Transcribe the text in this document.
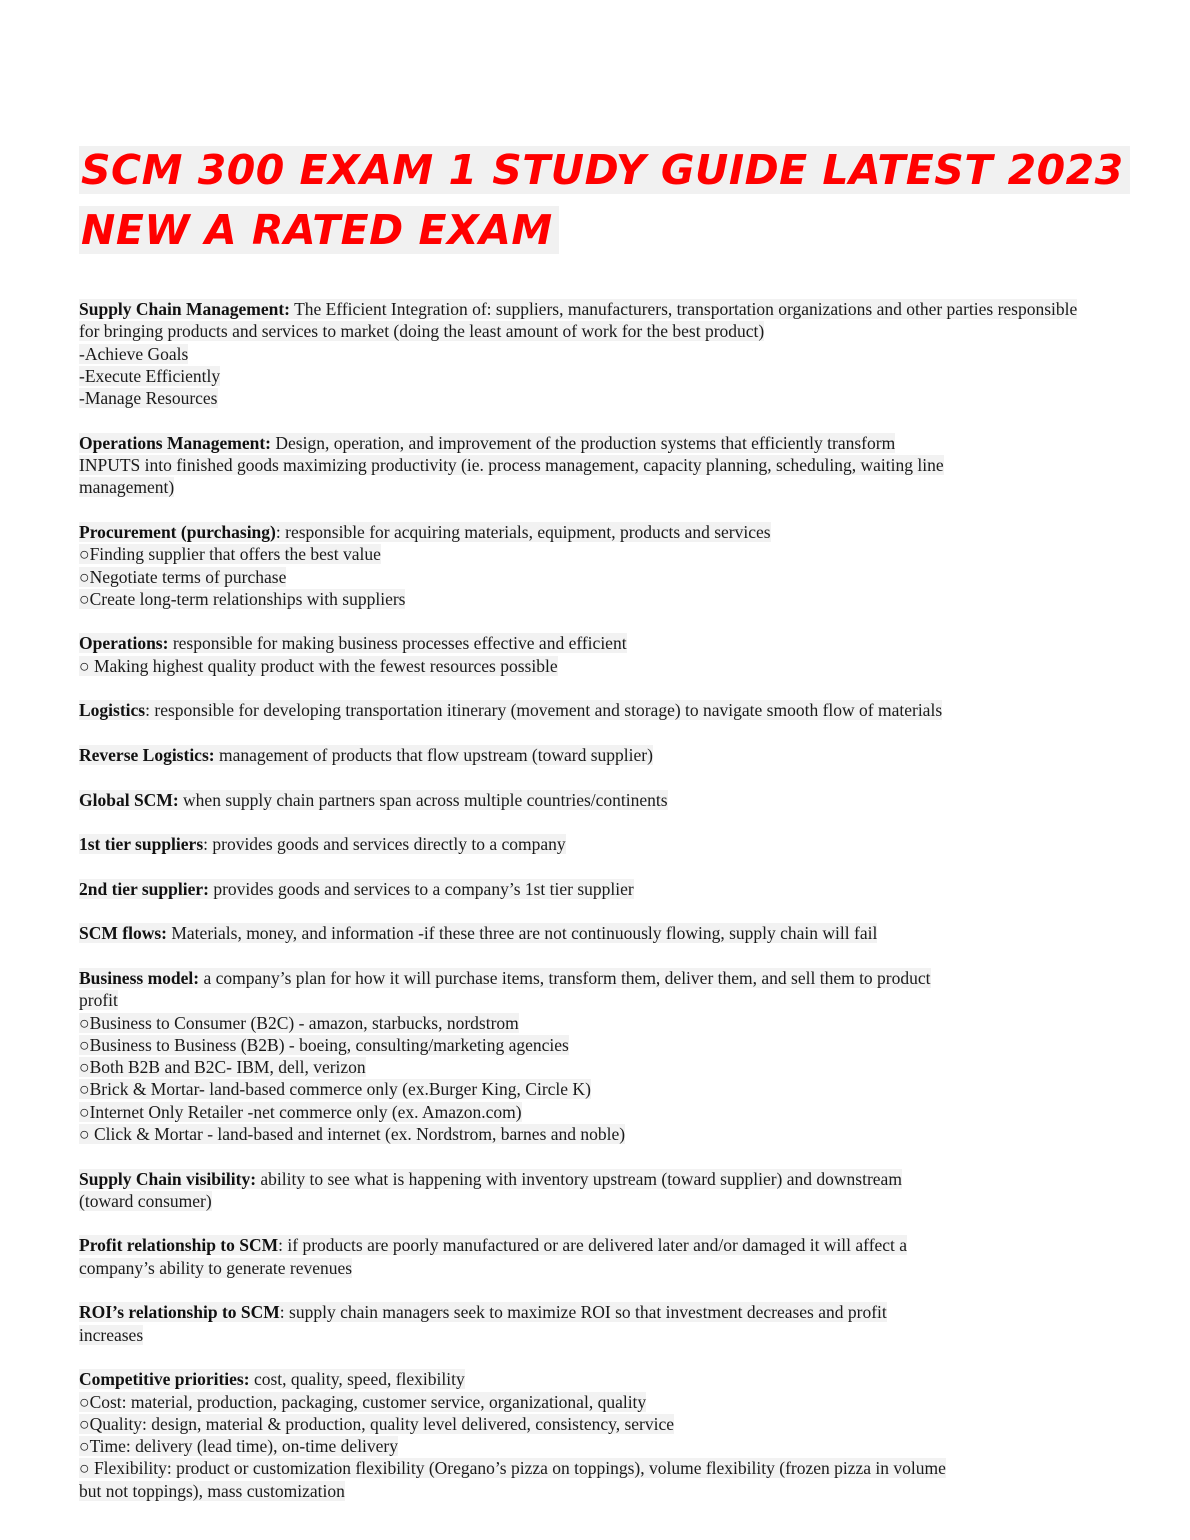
SCM 300 EXAM 1 STUDY GUIDE LATEST 2023
NEW A RATED EXAM
Supply Chain Management: The Efficient Integration of: suppliers, manufacturers, transportation organizations and other parties responsible
for bringing products and services to market (doing the least amount of work for the best product)
-Achieve Goals
-Execute Efficiently
-Manage Resources
Operations Management: Design, operation, and improvement of the production systems that efficiently transform
INPUTS into finished goods maximizing productivity (ie. process management, capacity planning, scheduling, waiting line
management)
Procurement (purchasing): responsible for acquiring materials, equipment, products and services
○Finding supplier that offers the best value
○Negotiate terms of purchase
○Create long-term relationships with suppliers
Operations: responsible for making business processes effective and efficient
○ Making highest quality product with the fewest resources possible
Logistics: responsible for developing transportation itinerary (movement and storage) to navigate smooth flow of materials
Reverse Logistics: management of products that flow upstream (toward supplier)
Global SCM: when supply chain partners span across multiple countries/continents
1st tier suppliers: provides goods and services directly to a company
2nd tier supplier: provides goods and services to a company’s 1st tier supplier
SCM flows: Materials, money, and information -if these three are not continuously flowing, supply chain will fail
Business model: a company’s plan for how it will purchase items, transform them, deliver them, and sell them to product
profit
○Business to Consumer (B2C) - amazon, starbucks, nordstrom
○Business to Business (B2B) - boeing, consulting/marketing agencies
○Both B2B and B2C- IBM, dell, verizon
○Brick & Mortar- land-based commerce only (ex.Burger King, Circle K)
○Internet Only Retailer -net commerce only (ex. Amazon.com)
○ Click & Mortar - land-based and internet (ex. Nordstrom, barnes and noble)
Supply Chain visibility: ability to see what is happening with inventory upstream (toward supplier) and downstream
(toward consumer)
Profit relationship to SCM: if products are poorly manufactured or are delivered later and/or damaged it will affect a
company’s ability to generate revenues
ROI’s relationship to SCM: supply chain managers seek to maximize ROI so that investment decreases and profit
increases
Competitive priorities: cost, quality, speed, flexibility
○Cost: material, production, packaging, customer service, organizational, quality
○Quality: design, material & production, quality level delivered, consistency, service
○Time: delivery (lead time), on-time delivery
○ Flexibility: product or customization flexibility (Oregano’s pizza on toppings), volume flexibility (frozen pizza in volume
but not toppings), mass customization
